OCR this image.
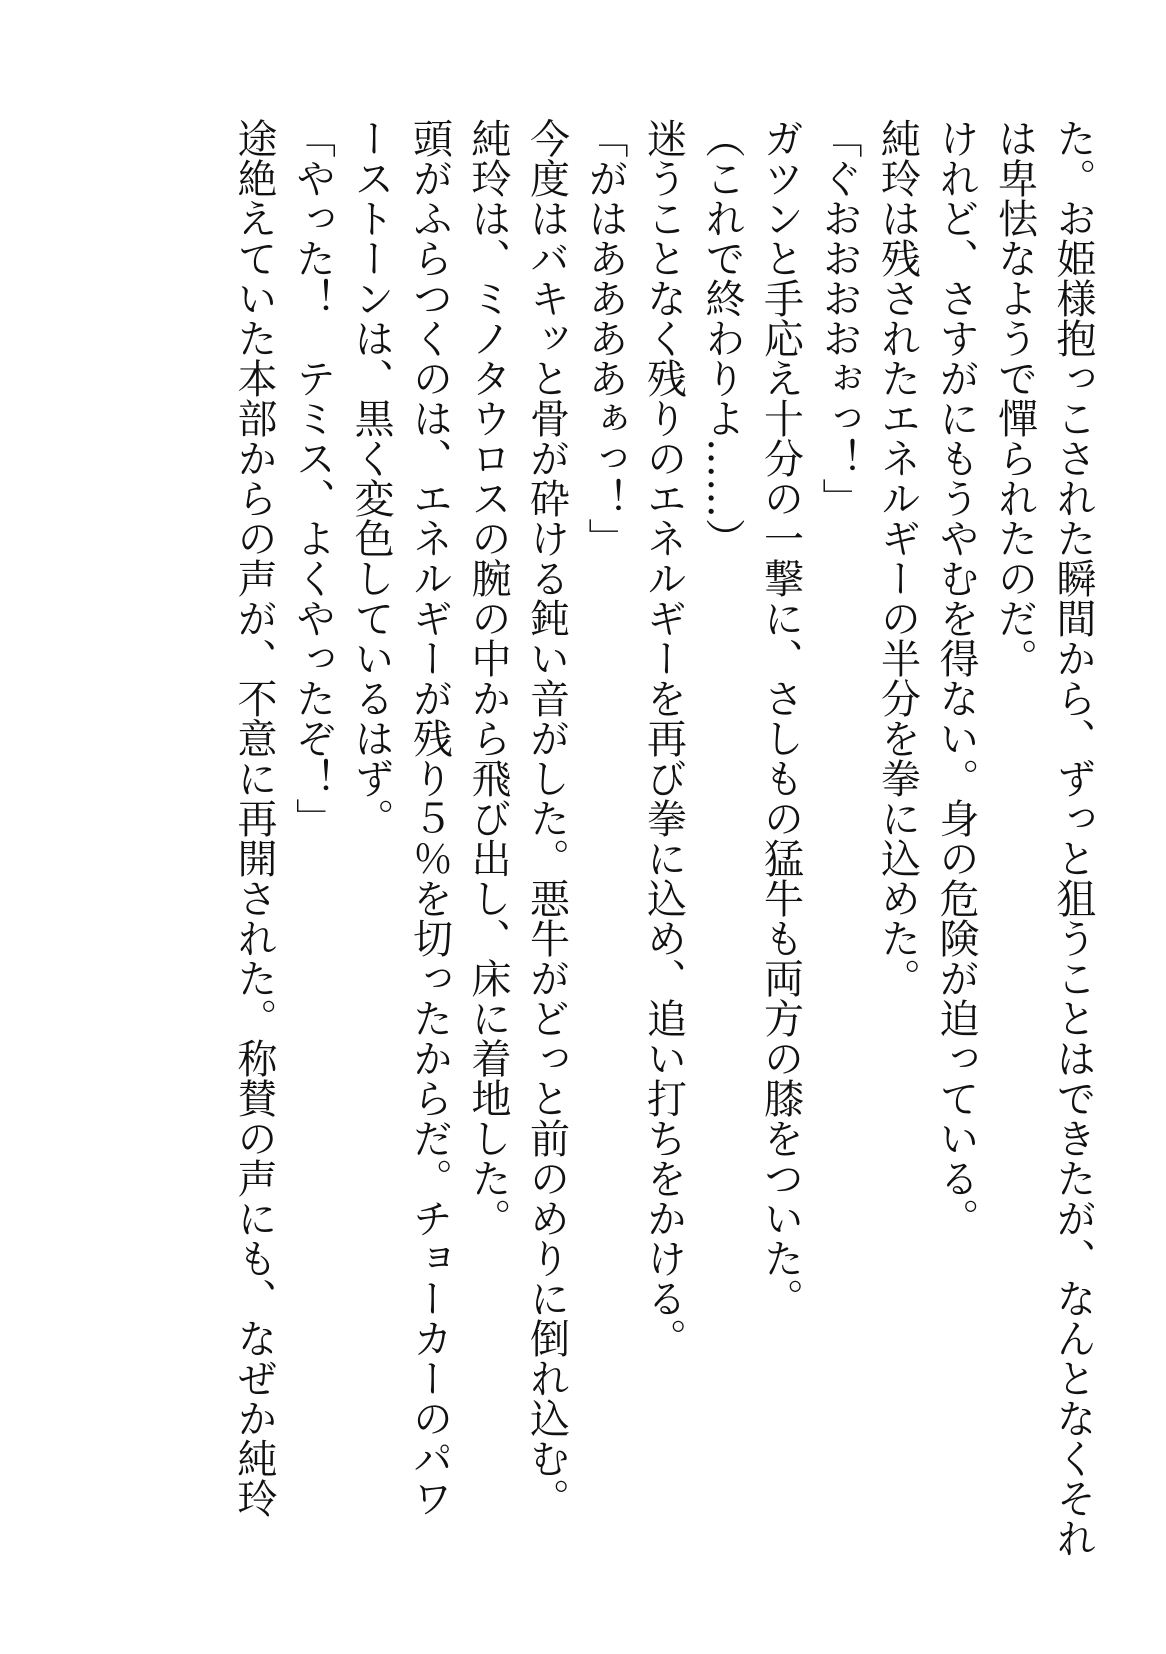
た。お姫様抱っこされた瞬間から、ずっと狙うことはできたが、なんとなくそれ
は卑怯なようで憚られたのだ。
けれど、さすがにもうやむを得ない。身の危険が迫っている。
純玲は残されたエネルギーの半分を拳に込めた。
「ぐおおおおぉっ！」
ガツンと手応え十分の一撃に、さしもの猛牛も両方の膝をついた。
（これで終わりよ……）
迷うことなく残りのエネルギーを再び拳に込め、追い打ちをかける。
「がはああああぁっ！」
今度はバキッと骨が砕ける鈍い音がした。悪牛がどっと前のめりに倒れ込む。
純玲は、ミノタウロスの腕の中から飛び出し、床に着地した。
頭がふらつくのは、エネルギーが残り５％を切ったからだ。チョーカーのパワ
ーストーンは、黒く変色しているはず。
「やった！　テミス、よくやったぞ！」
途絶えていた本部からの声が、不意に再開された。称賛の声にも、なぜか純玲
